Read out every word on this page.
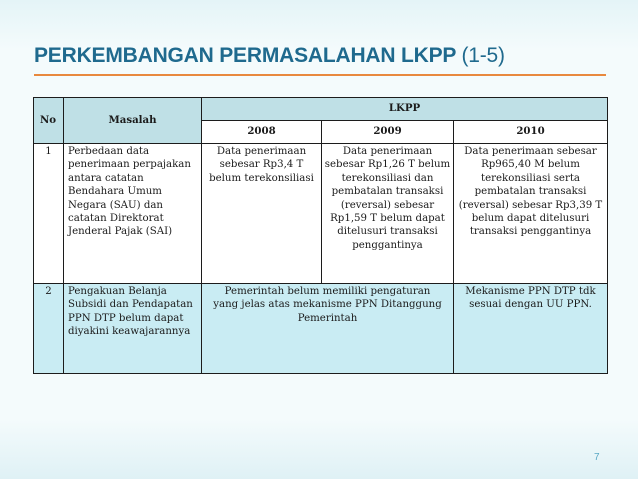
PERKEMBANGAN PERMASALAHAN LKPP (1-5)
No	Masalah	LKPP		
		2008	2009	2010
1	Perbedaan data penerimaan perpajakan antara catatan Bendahara Umum Negara (SAU) dan catatan Direktorat Jenderal Pajak (SAI)	Data penerimaan sebesar Rp3,4 T belum terekonsiliasi	Data penerimaan sebesar Rp1,26 T belum terekonsiliasi dan pembatalan transaksi (reversal) sebesar Rp1,59 T belum dapat ditelusuri transaksi penggantinya	Data penerimaan sebesar Rp965,40 M belum terekonsiliasi serta pembatalan transaksi (reversal) sebesar Rp3,39 T belum dapat ditelusuri transaksi penggantinya
2	Pengakuan Belanja Subsidi dan Pendapatan PPN DTP belum dapat diyakini keawajarannya	Pemerintah belum memiliki pengaturan yang jelas atas mekanisme PPN Ditanggung Pemerintah		Mekanisme PPN DTP tdk sesuai dengan UU PPN.
7
